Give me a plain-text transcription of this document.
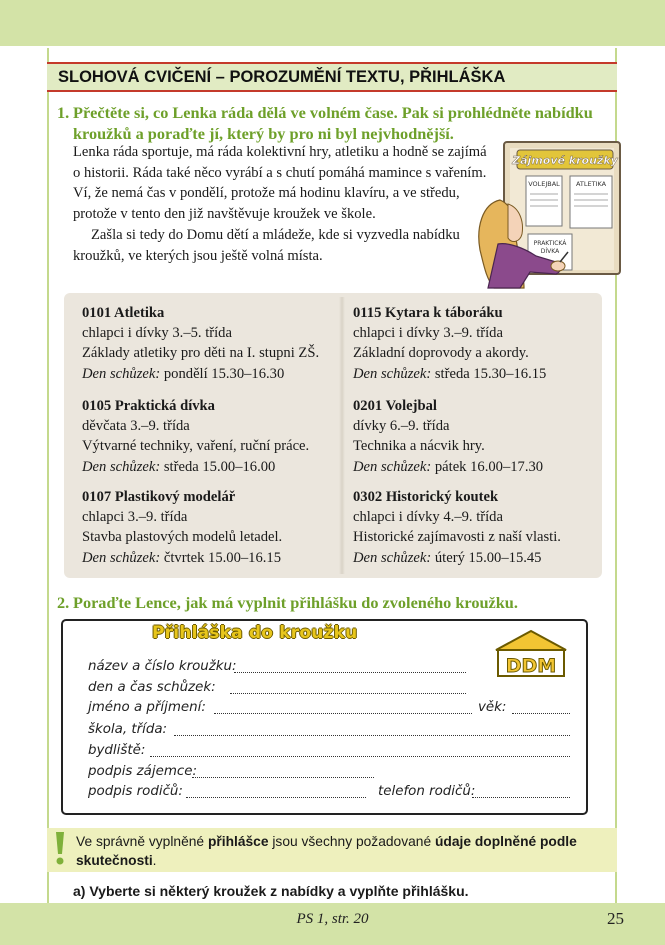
SLOHOVÁ CVIČENÍ – POROZUMĚNÍ TEXTU, PŘIHLÁŠKA
1. Přečtěte si, co Lenka ráda dělá ve volném čase. Pak si prohlédněte nabídku
kroužků a poraďte jí, který by pro ni byl nejvhodnější.

Lenka ráda sportuje, má ráda kolektivní hry, atletiku a hodně se zajímá o historii. Ráda také něco vyrábí a s chutí pomáhá mamince s vařením. Ví, že nemá čas v pondělí, protože má hodinu klavíru, a ve středu, protože v tento den již navštěvuje kroužek ve škole.

Zašla si tedy do Domu dětí a mládeže, kde si vyzvedla nabídku kroužků, ve kterých jsou ještě volná místa.

Zájmové kroužky
VOLEJBAL ATLETIKA
PRAKTICKÁ
DÍVKA
0101 Atletika
chlapci i dívky 3.–5. třída
Základy atletiky pro děti na I. stupni ZŠ.
Den schůzek: pondělí 15.30–16.30
0105 Praktická dívka
děvčata 3.–9. třída
Výtvarné techniky, vaření, ruční práce.
Den schůzek: středa 15.00–16.00
0107 Plastikový modelář
chlapci 3.–9. třída
Stavba plastových modelů letadel.
Den schůzek: čtvrtek 15.00–16.15
0115 Kytara k táboráku
chlapci i dívky 3.–9. třída
Základní doprovody a akordy.
Den schůzek: středa 15.30–16.15
0201 Volejbal
dívky 6.–9. třída
Technika a nácvik hry.
Den schůzek: pátek 16.00–17.30
0302 Historický koutek
chlapci i dívky 4.–9. třída
Historické zajímavosti z naší vlasti.
Den schůzek: úterý 15.00–15.45
2. Poraďte Lence, jak má vyplnit přihlášku do zvoleného kroužku.
Přihláška do kroužku
DDM
název a číslo kroužku:
den a čas schůzek:
jméno a příjmení:	věk:
škola, třída:
bydliště:
podpis zájemce:
podpis rodičů:	telefon rodičů:
Ve správně vyplněné přihlášce jsou všechny požadované údaje doplněné podle skutečnosti.
a) Vyberte si některý kroužek z nabídky a vyplňte přihlášku.
PS 1, str. 20	25
